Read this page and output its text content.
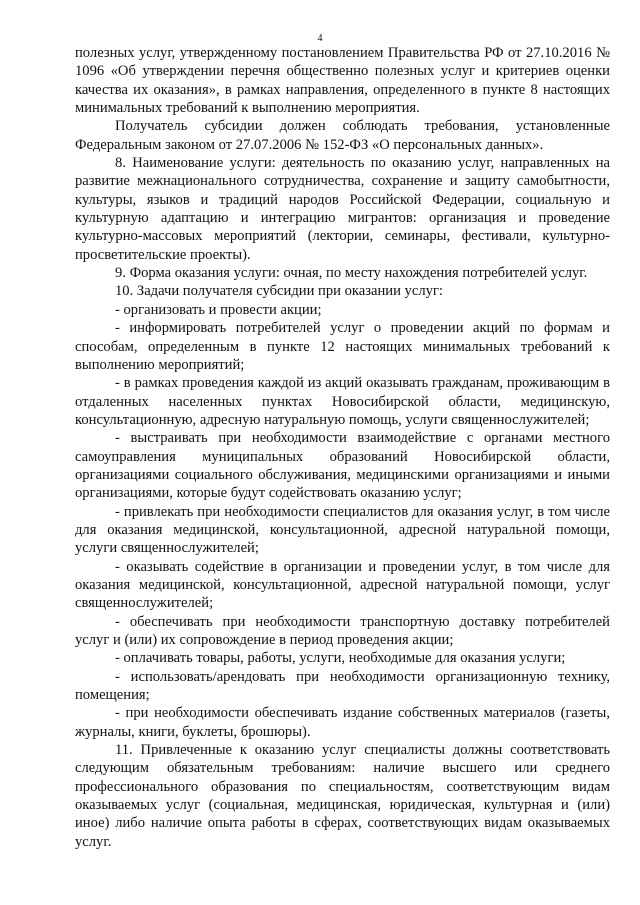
4

полезных услуг, утвержденному постановлением Правительства РФ от 27.10.2016 № 1096 «Об утверждении перечня общественно полезных услуг и критериев оценки качества их оказания», в рамках направления, определенного в пункте 8 настоящих минимальных требований к выполнению мероприятия.

Получатель субсидии должен соблюдать требования, установленные Федеральным законом от 27.07.2006 № 152-ФЗ «О персональных данных».

8. Наименование услуги: деятельность по оказанию услуг, направленных на развитие межнационального сотрудничества, сохранение и защиту самобытности, культуры, языков и традиций народов Российской Федерации, социальную и культурную адаптацию и интеграцию мигрантов: организация и проведение культурно-массовых мероприятий (лектории, семинары, фестивали, культурно-просветительские проекты).

9. Форма оказания услуги: очная, по месту нахождения потребителей услуг.

10. Задачи получателя субсидии при оказании услуг:

- организовать и провести акции;

- информировать потребителей услуг о проведении акций по формам и способам, определенным в пункте 12 настоящих минимальных требований к выполнению мероприятий;

- в рамках проведения каждой из акций оказывать гражданам, проживающим в отдаленных населенных пунктах Новосибирской области, медицинскую, консультационную, адресную натуральную помощь, услуги священнослужителей;

- выстраивать при необходимости взаимодействие с органами местного самоуправления муниципальных образований Новосибирской области, организациями социального обслуживания, медицинскими организациями и иными организациями, которые будут содействовать оказанию услуг;

- привлекать при необходимости специалистов для оказания услуг, в том числе для оказания медицинской, консультационной, адресной натуральной помощи, услуги священнослужителей;

- оказывать содействие в организации и проведении услуг, в том числе для оказания медицинской, консультационной, адресной натуральной помощи, услуг священнослужителей;

- обеспечивать при необходимости транспортную доставку потребителей услуг и (или) их сопровождение в период проведения акции;

- оплачивать товары, работы, услуги, необходимые для оказания услуги;

- использовать/арендовать при необходимости организационную технику, помещения;

- при необходимости обеспечивать издание собственных материалов (газеты, журналы, книги, буклеты, брошюры).

11. Привлеченные к оказанию услуг специалисты должны соответствовать следующим обязательным требованиям: наличие высшего или среднего профессионального образования по специальностям, соответствующим видам оказываемых услуг (социальная, медицинская, юридическая, культурная и (или) иное) либо наличие опыта работы в сферах, соответствующих видам оказываемых услуг.
